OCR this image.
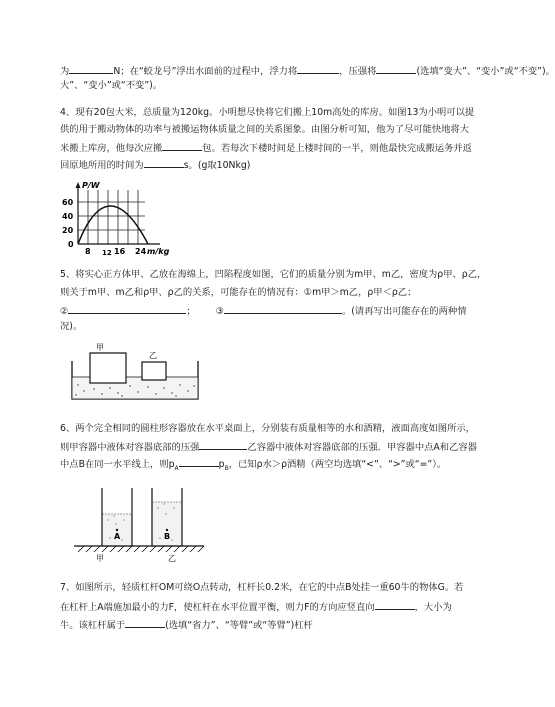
为	N；在“蛟龙号”浮出水面前的过程中，浮力将	，压强将	(选填“变大”、“变小”或“不变”)。
大”、“变小”或“不变”)。
4、现有20包大米，总质量为120kg。小明想尽快将它们搬上10m高处的库房。如图13为小明可以提
供的用于搬动物体的功率与被搬运物体质量之间的关系图象。由图分析可知，他为了尽可能快地将大
米搬上库房，他每次应搬	包。若每次下楼时间是上楼时间的一半，则他最快完成搬运务并返
回原地所用的时间为	s。(g取10Nkg)
P/W
60
40
20
0
8 12 16 24 m/kg
5、将实心正方体甲、乙放在海绵上，凹陷程度如图，它们的质量分别为m甲、m乙，密度为ρ甲、ρ乙，
则关于m甲、m乙和ρ甲、ρ乙的关系，可能存在的情况有：①m甲＞m乙，ρ甲＜ρ乙；
②	； ③	。(请再写出可能存在的两种情
况)。
甲
乙
6、两个完全相同的圆柱形容器放在水平桌面上，分别装有质量相等的水和酒精，液面高度如图所示，
则甲容器中液体对容器底部的压强	乙容器中液体对容器底部的压强．甲容器中点A和乙容器
中点B在同一水平线上，则$p_A$	$p_B$，已知ρ水＞ρ酒精（两空均选填“<”、“>”或“=”）。
A	B
甲	乙
7、如图所示，轻质杠杆OM可绕O点转动，杠杆长0.2米，在它的中点B处挂一重60牛的物体G。若
在杠杆上A端施加最小的力F，使杠杆在水平位置平衡，则力F的方向应竖直向	，大小为
牛。该杠杆属于	(选填“省力”、“等臂”或“等臂”)杠杆
